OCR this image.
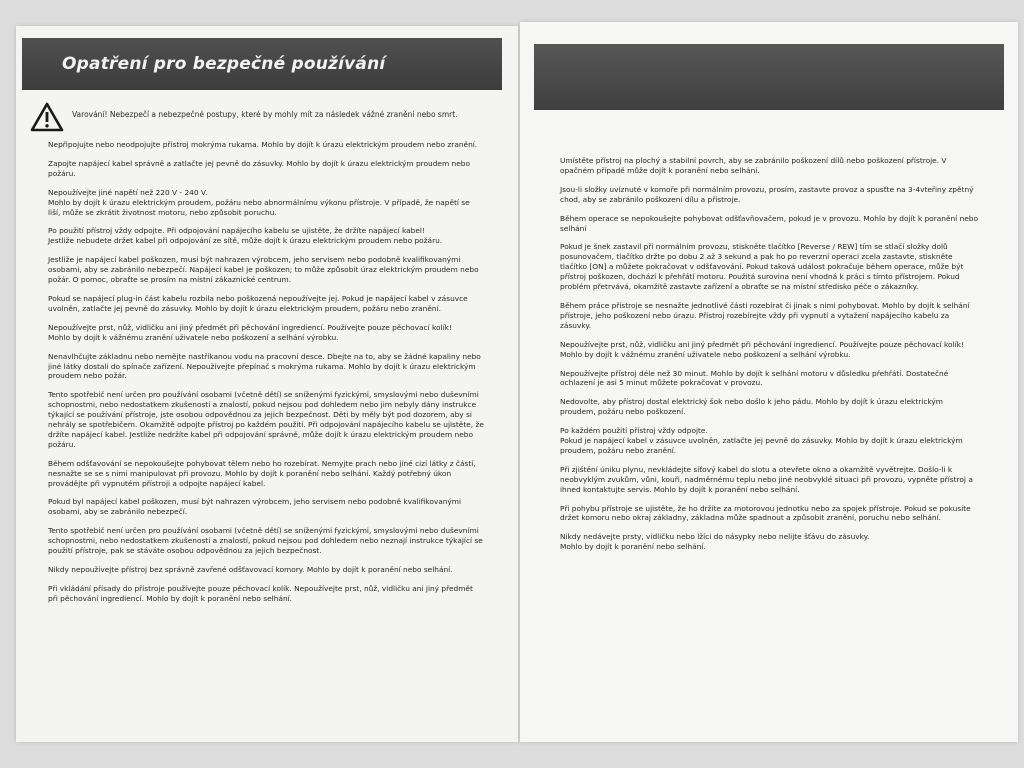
Opatření pro bezpečné používání
Varování! Nebezpečí a nebezpečné postupy, které by mohly mít za následek vážné zranění nebo smrt.
Nepřipojujte nebo neodpojujte přístroj mokrýma rukama. Mohlo by dojít k úrazu elektrickým proudem nebo zranění.
Zapojte napájecí kabel správně a zatlačte jej pevně do zásuvky. Mohlo by dojít k úrazu elektrickým proudem nebo požáru.
Nepoužívejte jiné napětí než 220 V - 240 V.
Mohlo by dojít k úrazu elektrickým proudem, požáru nebo abnormálnímu výkonu přístroje. V případě, že napětí se liší, může se zkrátit životnost motoru, nebo způsobit poruchu.
Po použití přístroj vždy odpojte. Při odpojování napájecího kabelu se ujistěte, že držíte napájecí kabel!
Jestliže nebudete držet kabel při odpojování ze sítě, může dojít k úrazu elektrickým proudem nebo požáru.
Jestliže je napájecí kabel poškozen, musí být nahrazen výrobcem, jeho servisem nebo podobně kvalifikovanými osobami, aby se zabránilo nebezpečí. Napájecí kabel je poškozen; to může způsobit úraz elektrickým proudem nebo požár. O pomoc, obraťte se prosím na místní zákaznické centrum.
Pokud se napájecí plug-in část kabelu rozbila nebo poškozená nepoužívejte jej. Pokud je napájecí kabel v zásuvce uvolněn, zatlačte jej pevně do zásuvky. Mohlo by dojít k úrazu elektrickým proudem, požáru nebo zranění.
Nepoužívejte prst, nůž, vidličku ani jiný předmět při pěchování ingrediencí. Používejte pouze pěchovací kolík!
Mohlo by dojít k vážnému zranění uživatele nebo poškození a selhání výrobku.
Nenavlhčujte základnu nebo nemějte nastříkanou vodu na pracovní desce. Dbejte na to, aby se žádné kapaliny nebo jiné látky dostali do spínače zařízení. Nepoužívejte přepínač s mokrýma rukama. Mohlo by dojít k úrazu elektrickým proudem nebo požár.
Tento spotřebič není určen pro používání osobami (včetně dětí) se sníženými fyzickými, smyslovými nebo duševními schopnostmi, nebo nedostatkem zkušeností a znalostí, pokud nejsou pod dohledem nebo jim nebyly dány instrukce týkající se používání přístroje, jste osobou odpovědnou za jejich bezpečnost. Děti by měly být pod dozorem, aby si nehrály se spotřebičem. Okamžitě odpojte přístroj po každém použití. Při odpojování napájecího kabelu se ujistěte, že držíte napájecí kabel. Jestliže nedržíte kabel při odpojování správně, může dojít k úrazu elektrickým proudem nebo požáru.
Během odšťavování se nepokoušejte pohybovat tělem nebo ho rozebírat. Nemyjte prach nebo jiné cizí látky z částí, nesnažte se se s nimi manipulovat při provozu. Mohlo by dojít k poranění nebo selhání. Každý potřebný úkon provádějte při vypnutém přístroji a odpojte napájecí kabel.
Pokud byl napájecí kabel poškozen, musí být nahrazen výrobcem, jeho servisem nebo podobně kvalifikovanými osobami, aby se zabránilo nebezpečí.
Tento spotřebič není určen pro používání osobami (včetně dětí) se sníženými fyzickými, smyslovými nebo duševními schopnostmi, nebo nedostatkem zkušeností a znalostí, pokud nejsou pod dohledem nebo neznají instrukce týkající se použití přístroje, pak se stáváte osobou odpovědnou za jejich bezpečnost.
Nikdy nepoužívejte přístroj bez správně zavřené odšťavovací komory. Mohlo by dojít k poranění nebo selhání.
Při vkládání přísady do přístroje používejte pouze pěchovací kolík. Nepoužívejte prst, nůž, vidličku ani jiný předmět při pěchování ingrediencí. Mohlo by dojít k poranění nebo selhání.
Umístěte přístroj na plochý a stabilní povrch, aby se zabránilo poškození dílů nebo poškození přístroje. V opačném případě může dojít k poranění nebo selhání.
Jsou-li složky uvíznuté v komoře při normálním provozu, prosím, zastavte provoz a spusťte na 3-4vteřiny zpětný chod, aby se zabránilo poškození dílu a přístroje.
Během operace se nepokoušejte pohybovat odšťavňovačem, pokud je v provozu. Mohlo by dojít k poranění nebo selhání
Pokud je šnek zastavil při normálním provozu, stiskněte tlačítko [Reverse / REW] tím se stlačí složky dolů posunovačem, tlačítko držte po dobu 2 až 3 sekund a pak ho po reverzní operaci zcela zastavte, stiskněte tlačítko [ON] a můžete pokračovat v odšťavování. Pokud taková událost pokračuje během operace, může být přístroj poškozen, dochází k přehřátí motoru. Použitá surovina není vhodná k práci s tímto přístrojem. Pokud problém přetrvává, okamžitě zastavte zařízení a obraťte se na místní středisko péče o zákazníky.
Během práce přístroje se nesnažte jednotlivé části rozebírat či jinak s nimi pohybovat. Mohlo by dojít k selhání přístroje, jeho poškození nebo úrazu. Přístroj rozebírejte vždy při vypnutí a vytažení napájecího kabelu za zásuvky.
Nepoužívejte prst, nůž, vidličku ani jiný předmět při pěchování ingrediencí. Používejte pouze pěchovací kolík! Mohlo by dojít k vážnému zranění uživatele nebo poškození a selhání výrobku.
Nepoužívejte přístroj déle než 30 minut. Mohlo by dojít k selhání motoru v důsledku přehřátí. Dostatečné ochlazení je asi 5 minut můžete pokračovat v provozu.
Nedovolte, aby přístroj dostal elektrický šok nebo došlo k jeho pádu. Mohlo by dojít k úrazu elektrickým proudem, požáru nebo poškození.
Po každém použití přístroj vždy odpojte.
Pokud je napájecí kabel v zásuvce uvolněn, zatlačte jej pevně do zásuvky. Mohlo by dojít k úrazu elektrickým proudem, požáru nebo zranění.
Při zjištění úniku plynu, nevkládejte síťový kabel do slotu a otevřete okno a okamžitě vyvětrejte. Došlo-li k neobvyklým zvukům, vůni, kouři, nadměrnému teplu nebo jiné neobvyklé situaci při provozu, vypněte přístroj a ihned kontaktujte servis. Mohlo by dojít k poranění nebo selhání.
Při pohybu přístroje se ujistěte, že ho držíte za motorovou jednotku nebo za spojek přístroje. Pokud se pokusíte držet komoru nebo okraj základny, základna může spadnout a způsobit zranění, poruchu nebo selhání.
Nikdy nedávejte prsty, vidličku nebo lžíci do násypky nebo nelijte šťávu do zásuvky.
Mohlo by dojít k poranění nebo selhání.
